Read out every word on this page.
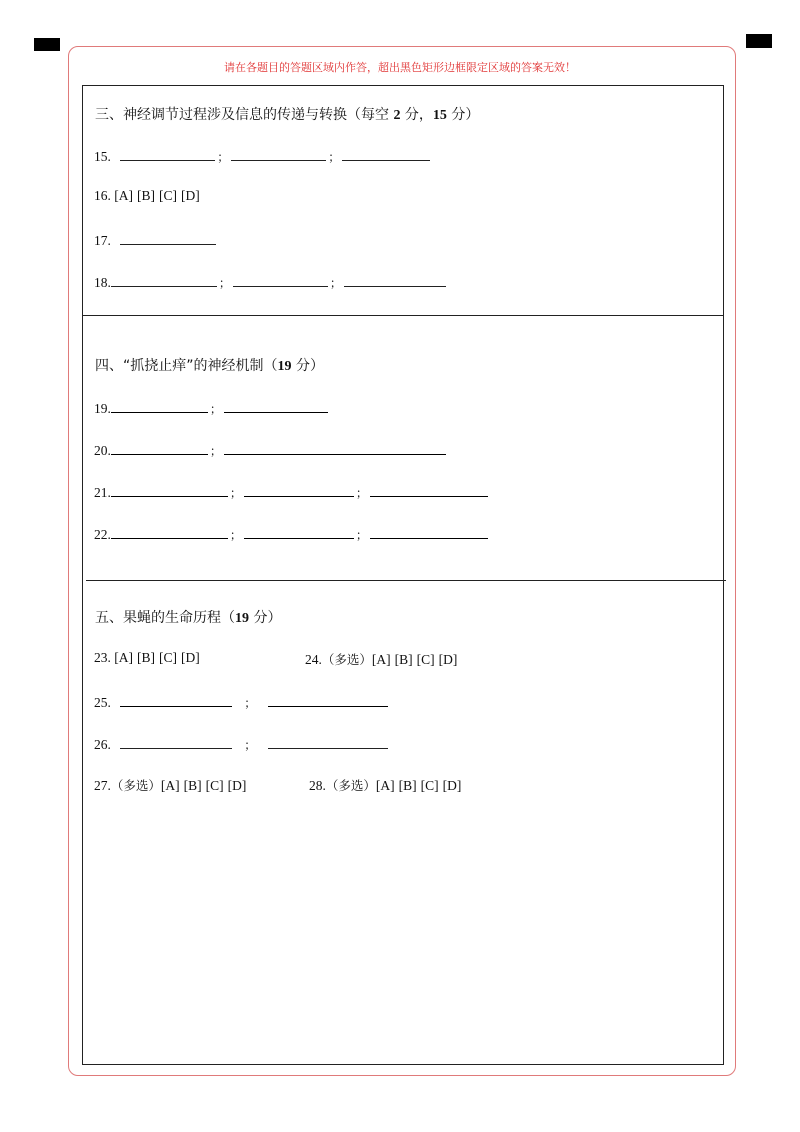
请在各题目的答题区域内作答，超出黑色矩形边框限定区域的答案无效！
三、神经调节过程涉及信息的传递与转换（每空 2 分，15 分）
15.	；	；
16. [A] [B] [C] [D]
17.
18.	；	；
四、“抓挠止痒”的神经机制（19 分）
19.	；
20.	；
21.	；	；
22.	；	；
五、果蝇的生命历程（19 分）
23. [A] [B] [C] [D]	24.（多选）[A] [B] [C] [D]
25.	；
26.	；
27.（多选）[A] [B] [C] [D]	28.（多选）[A] [B] [C] [D]
